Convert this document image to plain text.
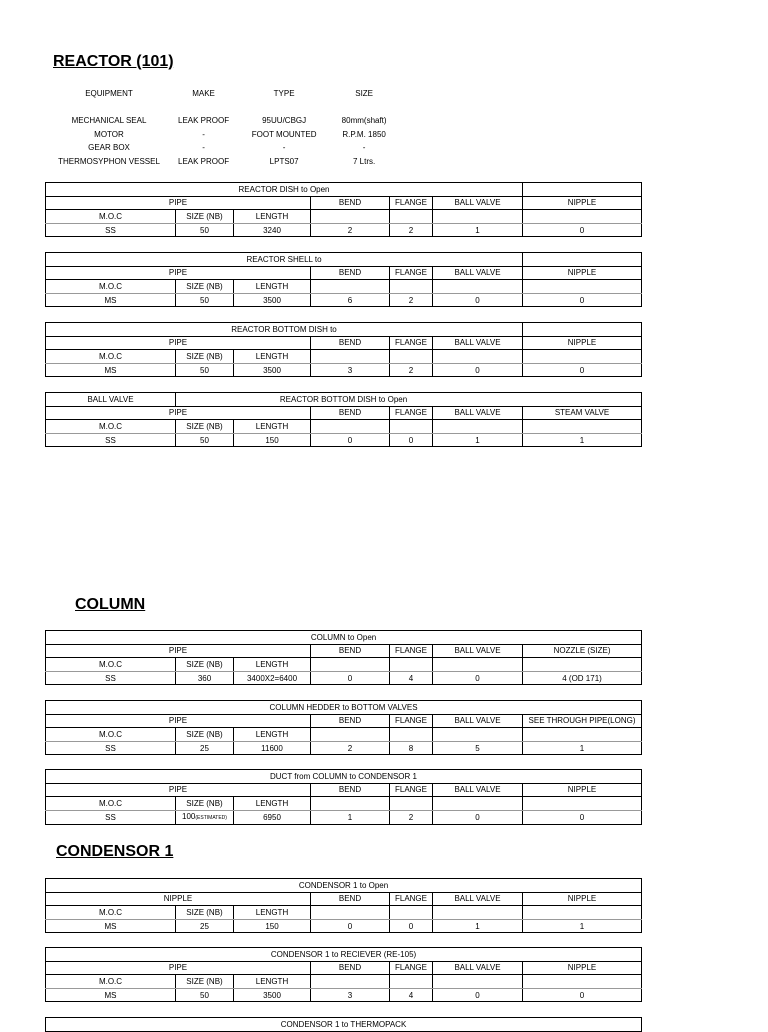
REACTOR (101)
EQUIPMENT	MAKE	TYPE	SIZE

MECHANICAL SEAL	LEAK PROOF	95UU/CBGJ	80mm(shaft)
MOTOR	-	FOOT MOUNTED	R.P.M. 1850
GEAR BOX	-	-	-
THERMOSYPHON VESSEL	LEAK PROOF	LPTS07	7 Ltrs.
REACTOR DISH to Open						
PIPE			BEND	FLANGE	BALL VALVE	NIPPLE
M.O.C	SIZE (NB)	LENGTH				
SS	50	3240	2	2	1	0
REACTOR SHELL to						
PIPE			BEND	FLANGE	BALL VALVE	NIPPLE
M.O.C	SIZE (NB)	LENGTH				
MS	50	3500	6	2	0	0
REACTOR BOTTOM DISH to						
PIPE			BEND	FLANGE	BALL VALVE	NIPPLE
M.O.C	SIZE (NB)	LENGTH				
MS	50	3500	3	2	0	0
BALL VALVE	REACTOR BOTTOM DISH to Open					
PIPE			BEND	FLANGE	BALL VALVE	STEAM VALVE
M.O.C	SIZE (NB)	LENGTH				
SS	50	150	0	0	1	1
COLUMN
COLUMN to Open						
PIPE			BEND	FLANGE	BALL VALVE	NOZZLE (SIZE)
M.O.C	SIZE (NB)	LENGTH				
SS	360	3400X2=6400	0	4	0	4 (OD 171)
COLUMN HEDDER to BOTTOM VALVES						
PIPE			BEND	FLANGE	BALL VALVE	SEE THROUGH PIPE(LONG)
M.O.C	SIZE (NB)	LENGTH				
SS	25	11600	2	8	5	1
DUCT from COLUMN to CONDENSOR 1						
PIPE			BEND	FLANGE	BALL VALVE	NIPPLE
M.O.C	SIZE (NB)	LENGTH				
SS	100(ESTIMATED)	6950	1	2	0	0
CONDENSOR 1
CONDENSOR 1 to Open						
NIPPLE			BEND	FLANGE	BALL VALVE	NIPPLE
M.O.C	SIZE (NB)	LENGTH				
MS	25	150	0	0	1	1
CONDENSOR 1 to RECIEVER (RE-105)						
PIPE			BEND	FLANGE	BALL VALVE	NIPPLE
M.O.C	SIZE (NB)	LENGTH				
MS	50	3500	3	4	0	0
CONDENSOR 1 to THERMOPACK
